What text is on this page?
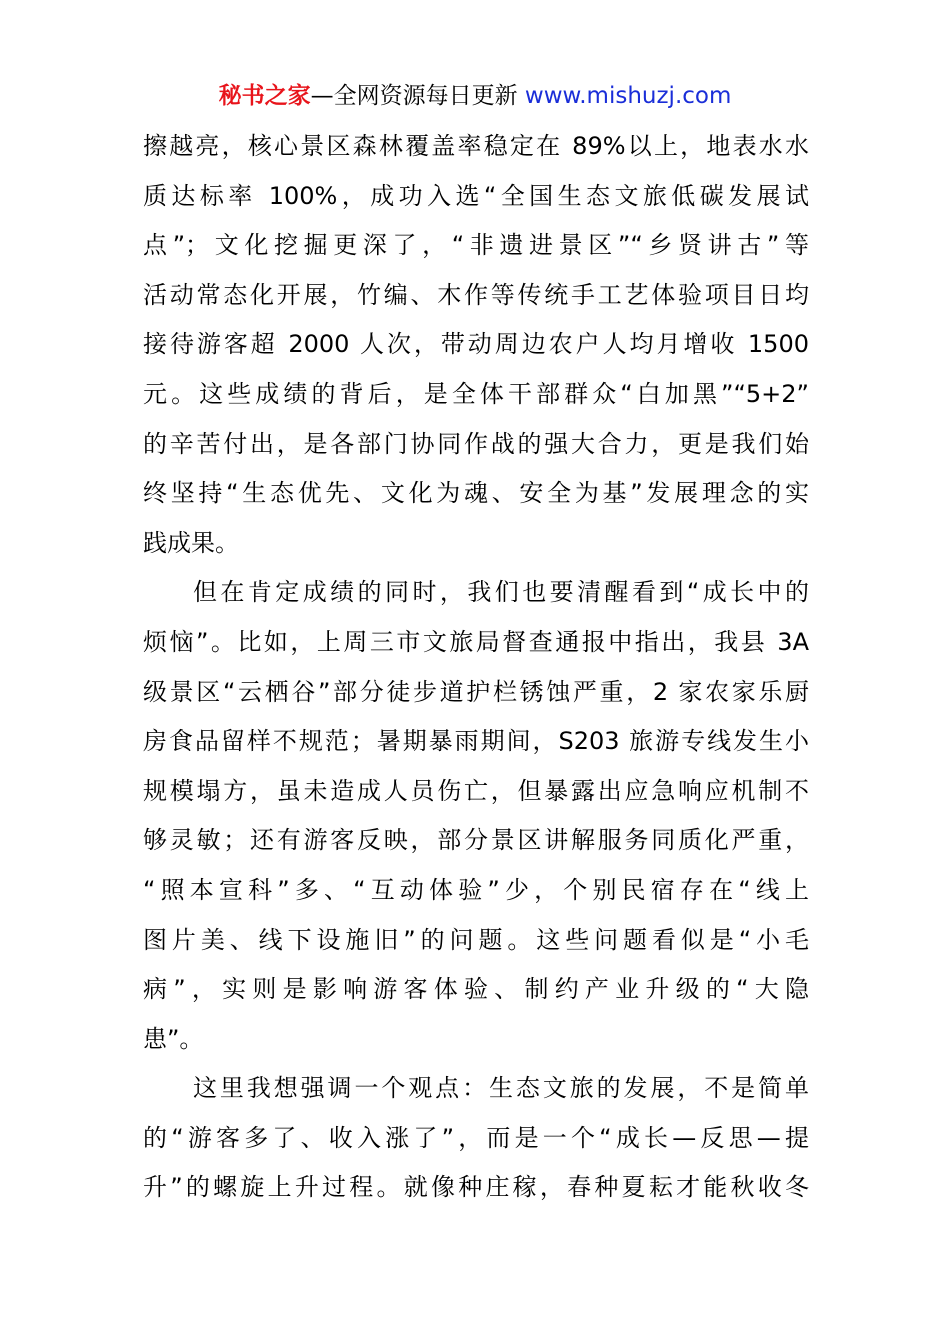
秘书之家—全网资源每日更新 www.mishuzj.com
擦越亮，核心景区森林覆盖率稳定在 89%以上，地表水水
质达标率 100%，成功入选“全国生态文旅低碳发展试
点”；文化挖掘更深了，“非遗进景区”“乡贤讲古”等
活动常态化开展，竹编、木作等传统手工艺体验项目日均
接待游客超 2000 人次，带动周边农户人均月增收 1500
元。这些成绩的背后，是全体干部群众“白加黑”“5+2”
的辛苦付出，是各部门协同作战的强大合力，更是我们始
终坚持“生态优先、文化为魂、安全为基”发展理念的实
践成果。
但在肯定成绩的同时，我们也要清醒看到“成长中的
烦恼”。比如，上周三市文旅局督查通报中指出，我县 3A
级景区“云栖谷”部分徒步道护栏锈蚀严重，2 家农家乐厨
房食品留样不规范；暑期暴雨期间，S203 旅游专线发生小
规模塌方，虽未造成人员伤亡，但暴露出应急响应机制不
够灵敏；还有游客反映，部分景区讲解服务同质化严重，
“照本宣科”多、“互动体验”少，个别民宿存在“线上
图片美、线下设施旧”的问题。这些问题看似是“小毛
病”，实则是影响游客体验、制约产业升级的“大隐
患”。
这里我想强调一个观点：生态文旅的发展，不是简单
的“游客多了、收入涨了”，而是一个“成长—反思—提
升”的螺旋上升过程。就像种庄稼，春种夏耘才能秋收冬
